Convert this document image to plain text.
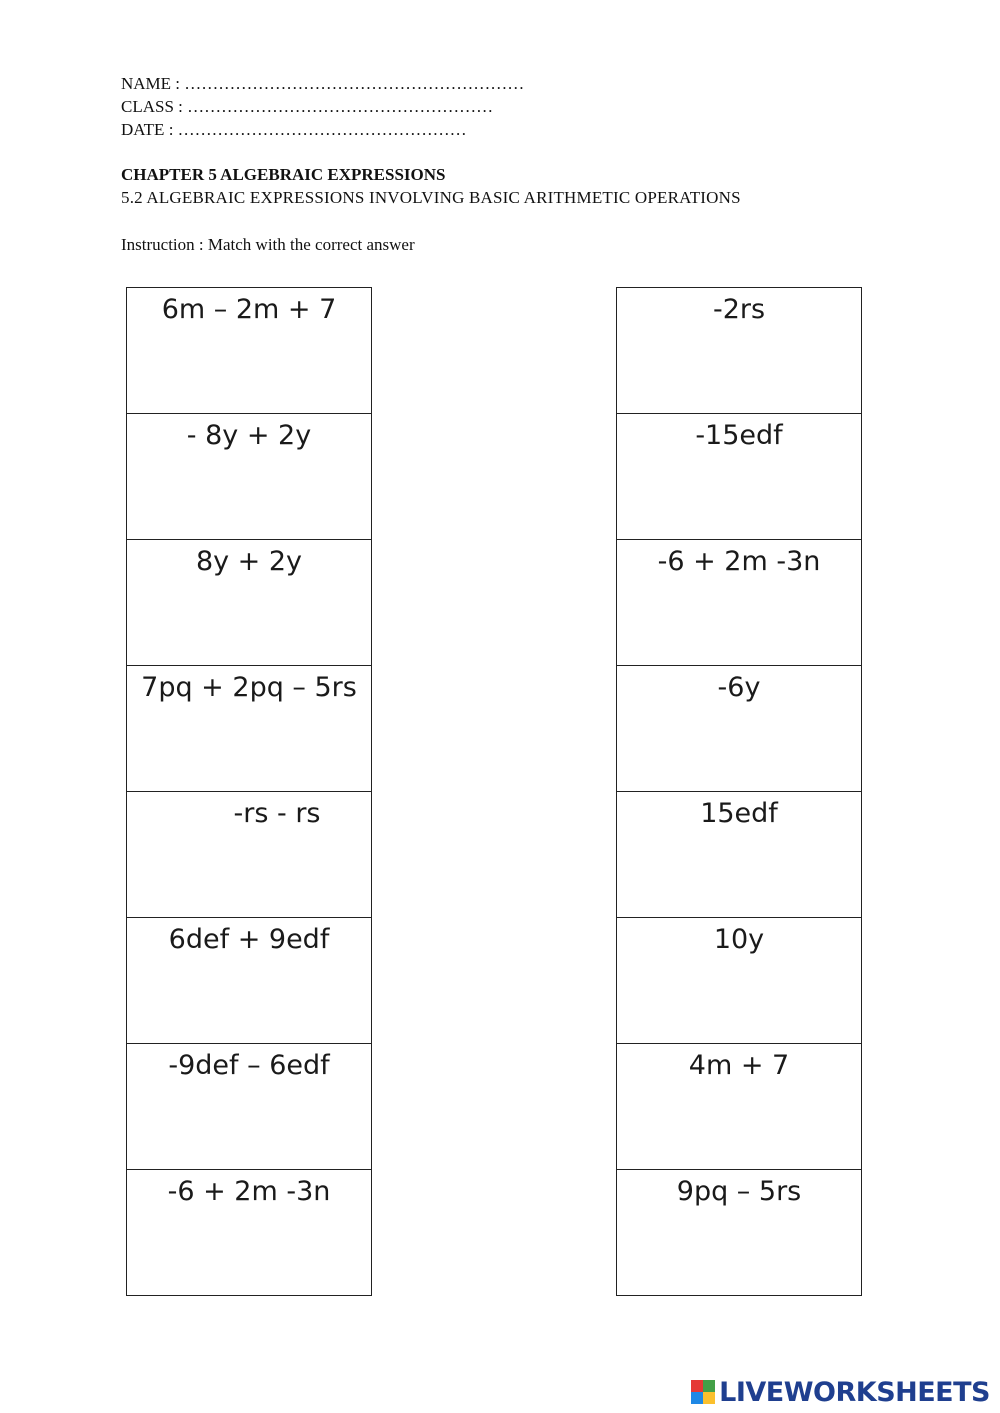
NAME : ……………………………………………………
CLASS : ………………………………………………
DATE : ……………………………………………
CHAPTER 5 ALGEBRAIC EXPRESSIONS
5.2 ALGEBRAIC EXPRESSIONS INVOLVING BASIC ARITHMETIC OPERATIONS
Instruction : Match with the correct answer
6m – 2m + 7
- 8y + 2y
8y + 2y
7pq + 2pq – 5rs
-rs - rs
6def + 9edf
-9def – 6edf
-6 + 2m -3n
-2rs
-15edf
-6 + 2m -3n
-6y
15edf
10y
4m + 7
9pq – 5rs
LIVEWORKSHEETS
